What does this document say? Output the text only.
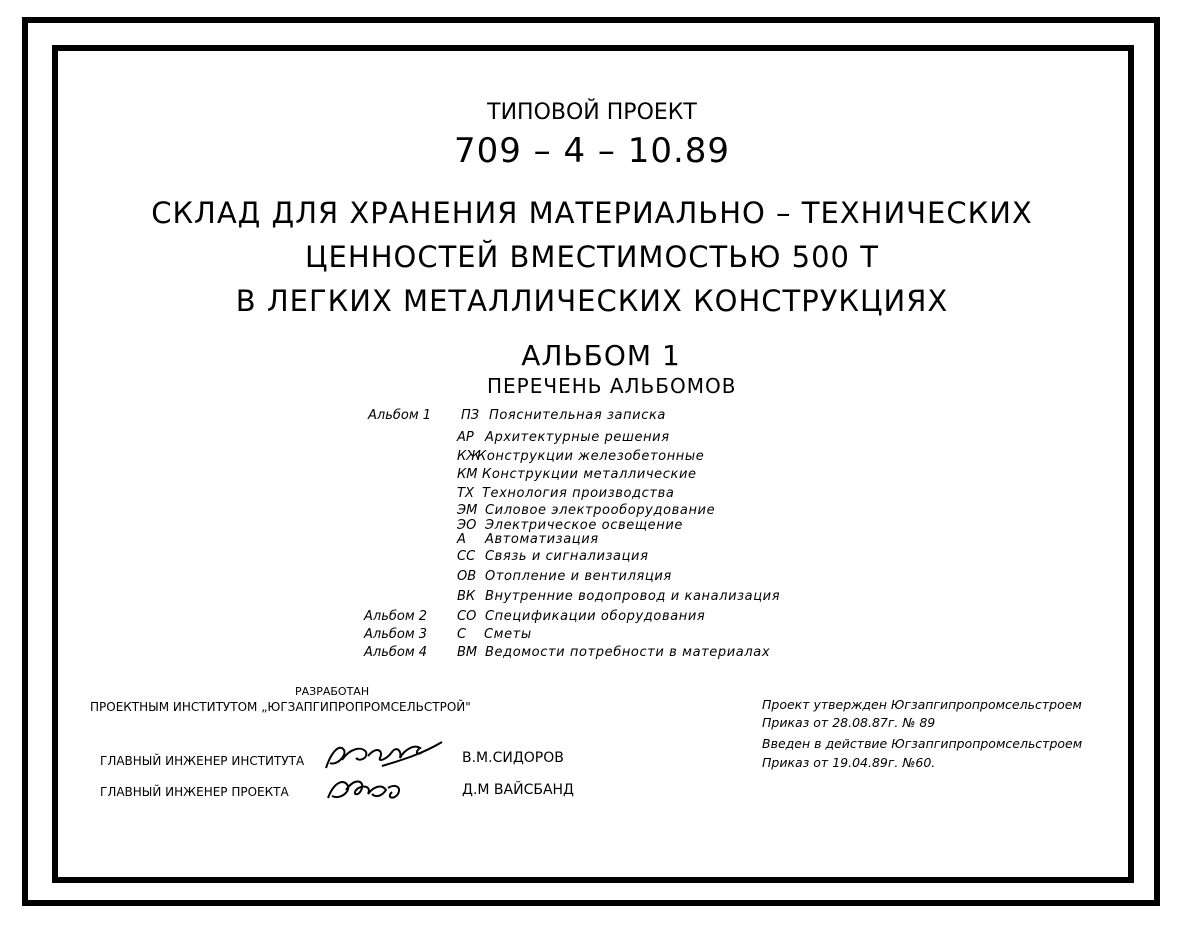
ТИПОВОЙ ПРОЕКТ
709 – 4 – 10.89
СКЛАД ДЛЯ ХРАНЕНИЯ МАТЕРИАЛЬНО – ТЕХНИЧЕСКИХ
ЦЕННОСТЕЙ ВМЕСТИМОСТЬЮ 500 Т
В ЛЕГКИХ МЕТАЛЛИЧЕСКИХ КОНСТРУКЦИЯХ
АЛЬБОМ 1
ПЕРЕЧЕНЬ АЛЬБОМОВ
Альбом 1 ПЗ Пояснительная записка
АР Архитектурные решения
КЖ
Конструкции железобетонные
КМ Конструкции металлические
ТХ Технология производства
ЭМ Силовое электрооборудование
ЭО Электрическое освещение
А Автоматизация
СС Связь и сигнализация
ОВ Отопление и вентиляция
ВК Внутренние водопровод и канализация
Альбом 2 СО Спецификации оборудования
Альбом 3 С Сметы
Альбом 4 ВМ Ведомости потребности в материалах
РАЗРАБОТАН
ПРОЕКТНЫМ ИНСТИТУТОМ „ЮГЗАПГИПРОПРОМСЕЛЬСТРОЙ"
ГЛАВНЫЙ ИНЖЕНЕР ИНСТИТУТА	В.М.СИДОРОВ
ГЛАВНЫЙ ИНЖЕНЕР ПРОЕКТА	Д.М ВАЙСБАНД
Проект утвержден Югзапгипропромсельстроем
Приказ от 28.08.87г. № 89
Введен в действие Югзапгипропромсельстроем
Приказ от 19.04.89г. №60.
